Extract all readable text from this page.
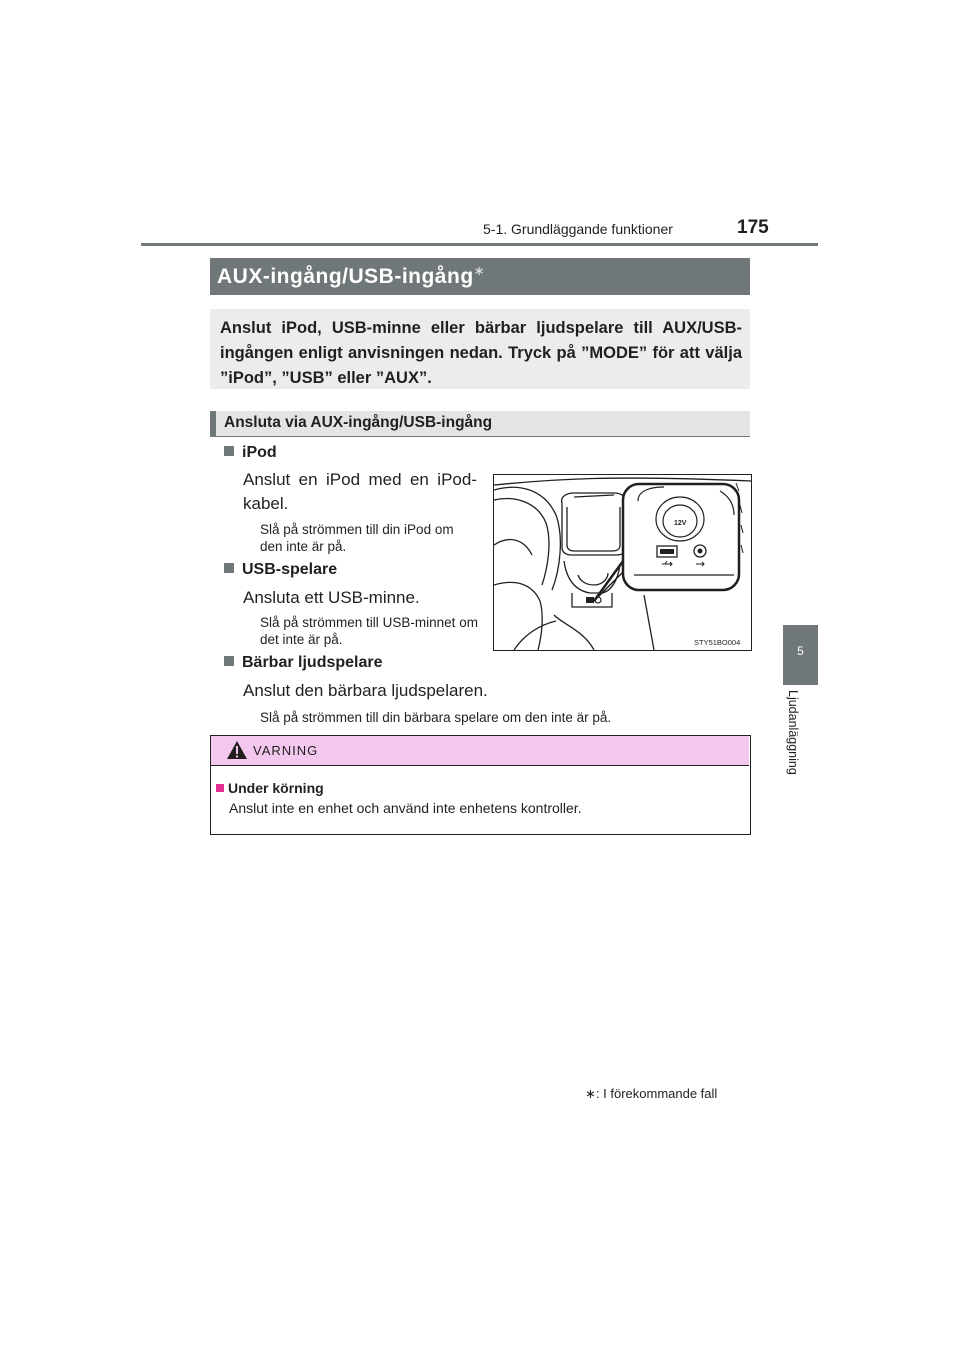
5-1. Grundläggande funktioner	175
5
Ljudanläggning
AUX-ingång/USB-ingång∗
Anslut iPod, USB-minne eller bärbar ljudspelare till AUX/USB-ingången enligt anvisningen nedan. Tryck på ”MODE” för att välja ”iPod”, ”USB” eller ”AUX”.
Ansluta via AUX-ingång/USB-ingång
iPod
Anslut en iPod med en iPod-kabel.
Slå på strömmen till din iPod om den inte är på.
USB-spelare
Ansluta ett USB-minne.
Slå på strömmen till USB-minnet om det inte är på.
Bärbar ljudspelare
Anslut den bärbara ljudspelaren.
Slå på strömmen till din bärbara spelare om den inte är på.
12V
STY51BO004
VARNING
Under körning
Anslut inte en enhet och använd inte enhetens kontroller.
∗: I förekommande fall
